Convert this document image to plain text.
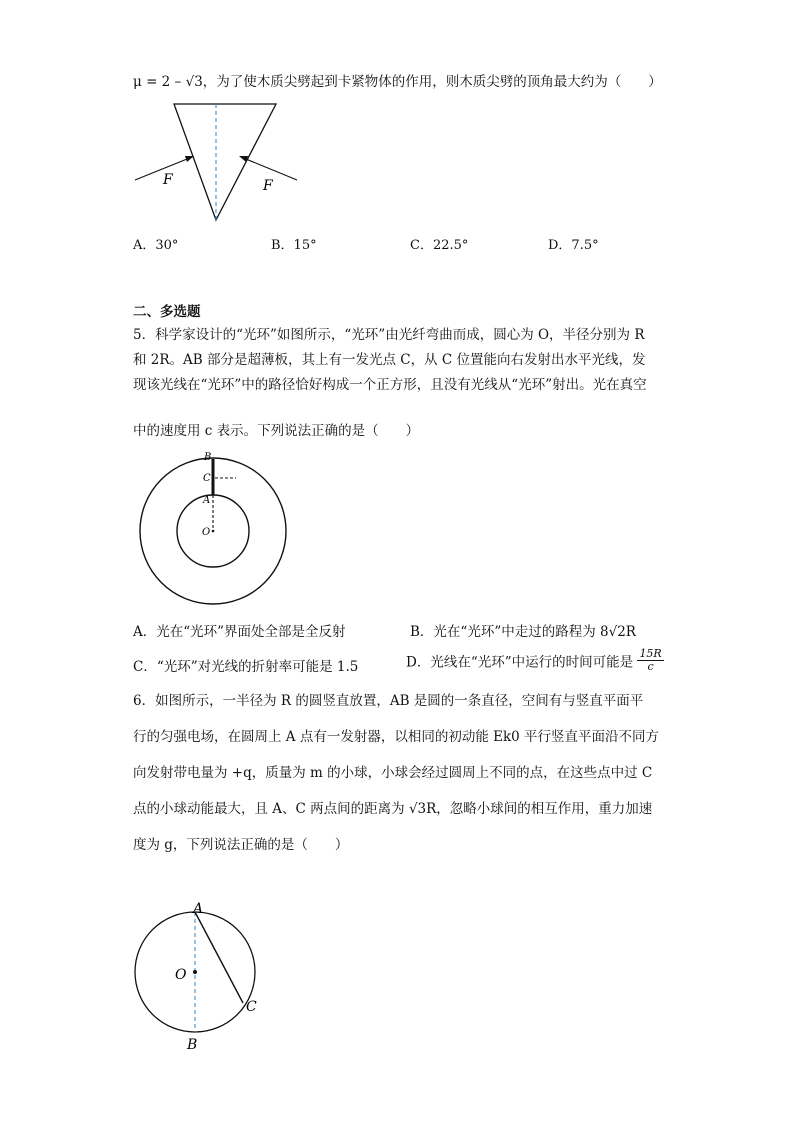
μ = 2 – √3，为了使木质尖劈起到卡紧物体的作用，则木质尖劈的顶角最大约为（　　）
F	F
A．30°	B．15°	C．22.5°	D．7.5°
二、多选题
5．科学家设计的“光环”如图所示，“光环”由光纤弯曲而成，圆心为 O，半径分别为 R
和 2R。AB 部分是超薄板，其上有一发光点 C，从 C 位置能向右发射出水平光线，发
现该光线在“光环”中的路径恰好构成一个正方形，且没有光线从“光环”射出。光在真空
中的速度用 c 表示。下列说法正确的是（　　）
B
C
A
O
A．光在“光环”界面处全部是全反射	B．光在“光环”中走过的路程为 8√2R
C．“光环”对光线的折射率可能是 1.5	D．光线在“光环”中运行的时间可能是 $\frac{15R}{c}$
6．如图所示，一半径为 R 的圆竖直放置，AB 是圆的一条直径，空间有与竖直平面平
行的匀强电场，在圆周上 A 点有一发射器，以相同的初动能 Ek0 平行竖直平面沿不同方
向发射带电量为 +q，质量为 m 的小球，小球会经过圆周上不同的点，在这些点中过 C
点的小球动能最大，且 A、C 两点间的距离为 √3R，忽略小球间的相互作用，重力加速
度为 g，下列说法正确的是（　　）
A
O
C
B
